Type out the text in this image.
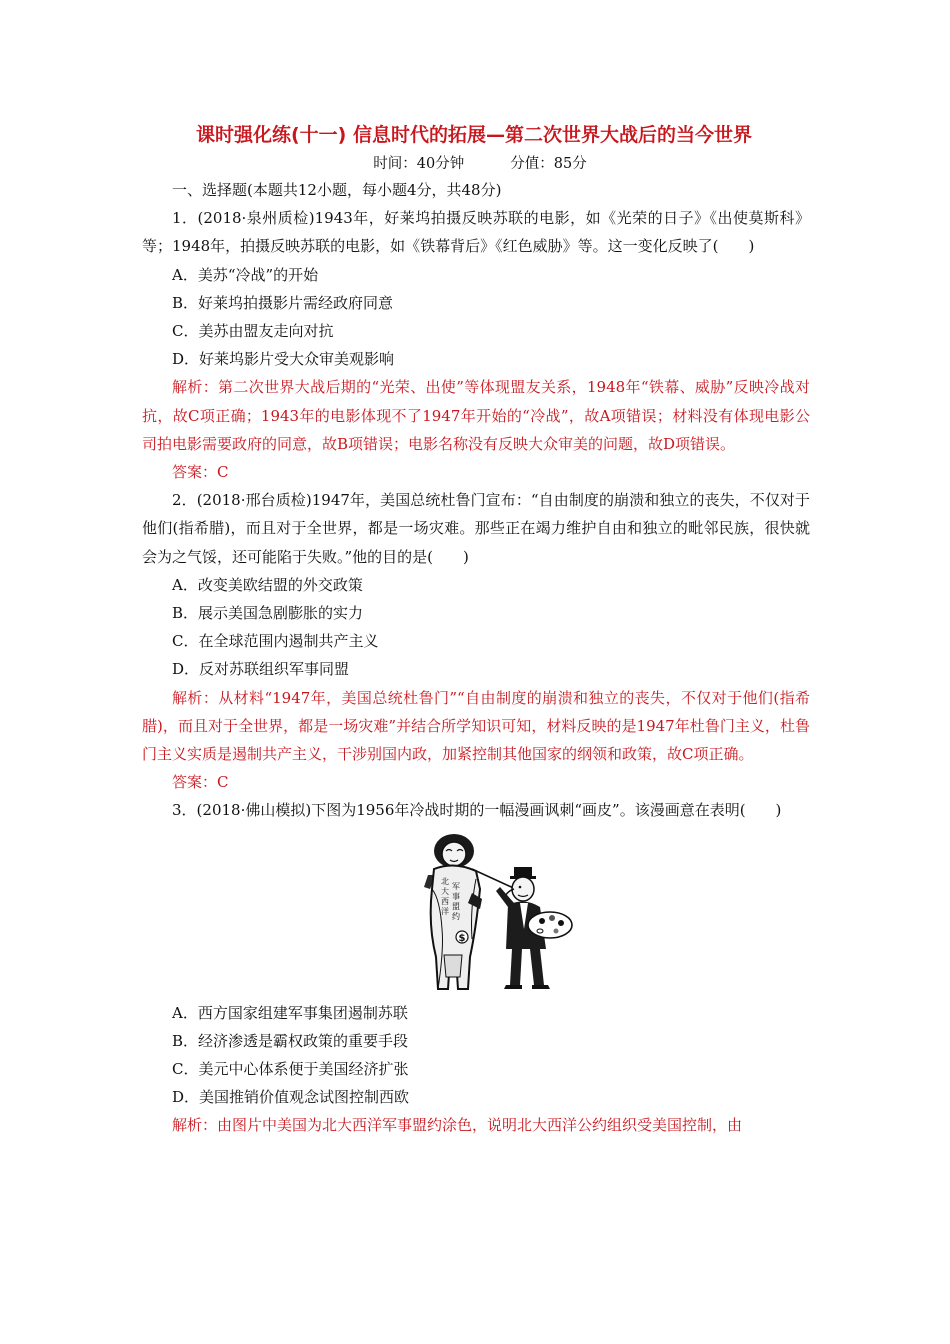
课时强化练(十一) 信息时代的拓展—第二次世界大战后的当今世界
时间：40分钟	分值：85分
一、选择题(本题共12小题，每小题4分，共48分)
1．(2018·泉州质检)1943年，好莱坞拍摄反映苏联的电影，如《光荣的日子》《出使莫斯科》等；1948年，拍摄反映苏联的电影，如《铁幕背后》《红色威胁》等。这一变化反映了(　　)
A．美苏“冷战”的开始
B．好莱坞拍摄影片需经政府同意
C．美苏由盟友走向对抗
D．好莱坞影片受大众审美观影响
解析：第二次世界大战后期的“光荣、出使”等体现盟友关系，1948年“铁幕、威胁”反映冷战对抗，故C项正确；1943年的电影体现不了1947年开始的“冷战”，故A项错误；材料没有体现电影公司拍电影需要政府的同意，故B项错误；电影名称没有反映大众审美的问题，故D项错误。
答案：C
2．(2018·邢台质检)1947年，美国总统杜鲁门宣布：“自由制度的崩溃和独立的丧失，不仅对于他们(指希腊)，而且对于全世界，都是一场灾难。那些正在竭力维护自由和独立的毗邻民族，很快就会为之气馁，还可能陷于失败。”他的目的是(　　)
A．改变美欧结盟的外交政策
B．展示美国急剧膨胀的实力
C．在全球范围内遏制共产主义
D．反对苏联组织军事同盟
解析：从材料“1947年，美国总统杜鲁门”“自由制度的崩溃和独立的丧失，不仅对于他们(指希腊)，而且对于全世界，都是一场灾难”并结合所学知识可知，材料反映的是1947年杜鲁门主义，杜鲁门主义实质是遏制共产主义，干涉别国内政，加紧控制其他国家的纲领和政策，故C项正确。
答案：C
3．(2018·佛山模拟)下图为1956年冷战时期的一幅漫画讽刺“画皮”。该漫画意在表明(　　)
$
北
大
西
洋
军
事
盟
约
A．西方国家组建军事集团遏制苏联
B．经济渗透是霸权政策的重要手段
C．美元中心体系便于美国经济扩张
D．美国推销价值观念试图控制西欧
解析：由图片中美国为北大西洋军事盟约涂色，说明北大西洋公约组织受美国控制，由
